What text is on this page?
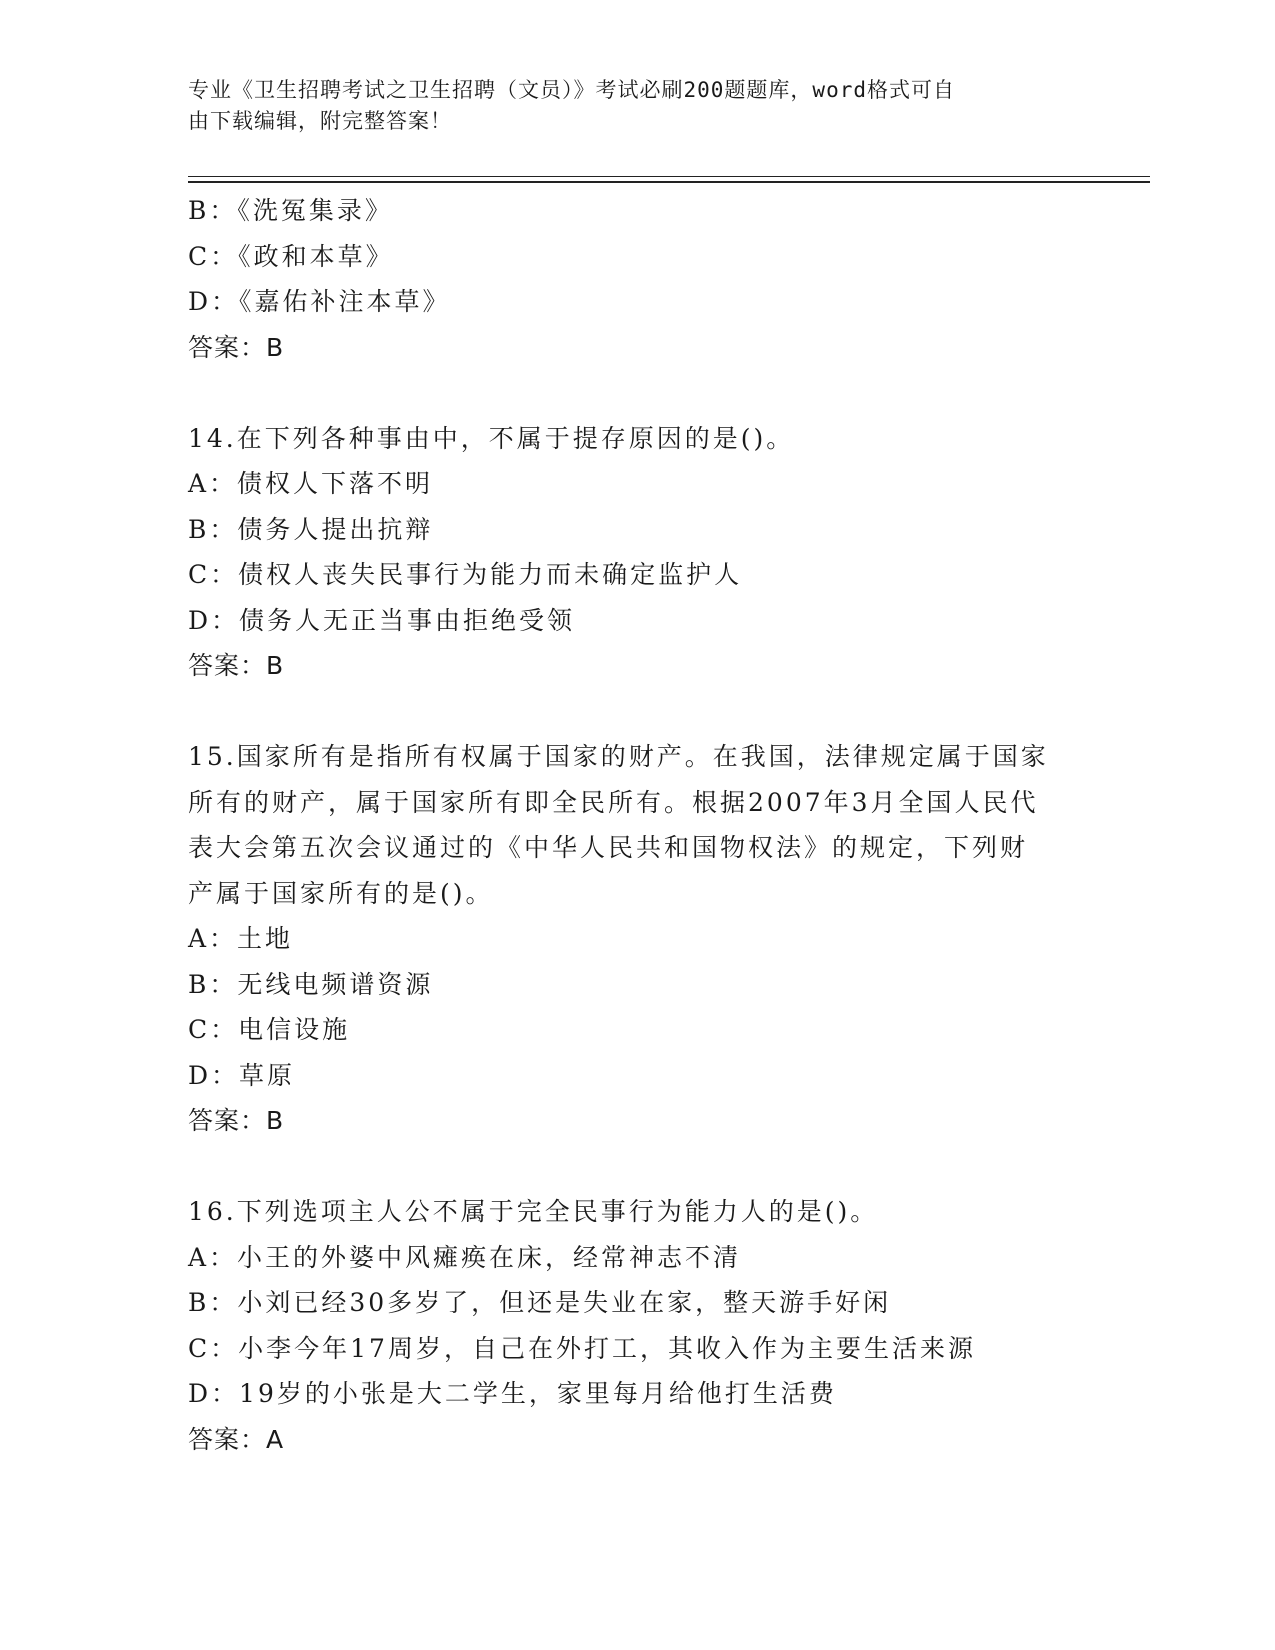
专业《卫生招聘考试之卫生招聘（文员）》考试必刷200题题库，word格式可自
由下载编辑，附完整答案！
B：《洗冤集录》
C：《政和本草》
D：《嘉佑补注本草》
答案：B
14.在下列各种事由中，不属于提存原因的是()。
A：债权人下落不明
B：债务人提出抗辩
C：债权人丧失民事行为能力而未确定监护人
D：债务人无正当事由拒绝受领
答案：B
15.国家所有是指所有权属于国家的财产。在我国，法律规定属于国家
所有的财产，属于国家所有即全民所有。根据2007年3月全国人民代
表大会第五次会议通过的《中华人民共和国物权法》的规定，下列财
产属于国家所有的是()。
A：土地
B：无线电频谱资源
C：电信设施
D：草原
答案：B
16.下列选项主人公不属于完全民事行为能力人的是()。
A：小王的外婆中风瘫痪在床，经常神志不清
B：小刘已经30多岁了，但还是失业在家，整天游手好闲
C：小李今年17周岁，自己在外打工，其收入作为主要生活来源
D：19岁的小张是大二学生，家里每月给他打生活费
答案：A
